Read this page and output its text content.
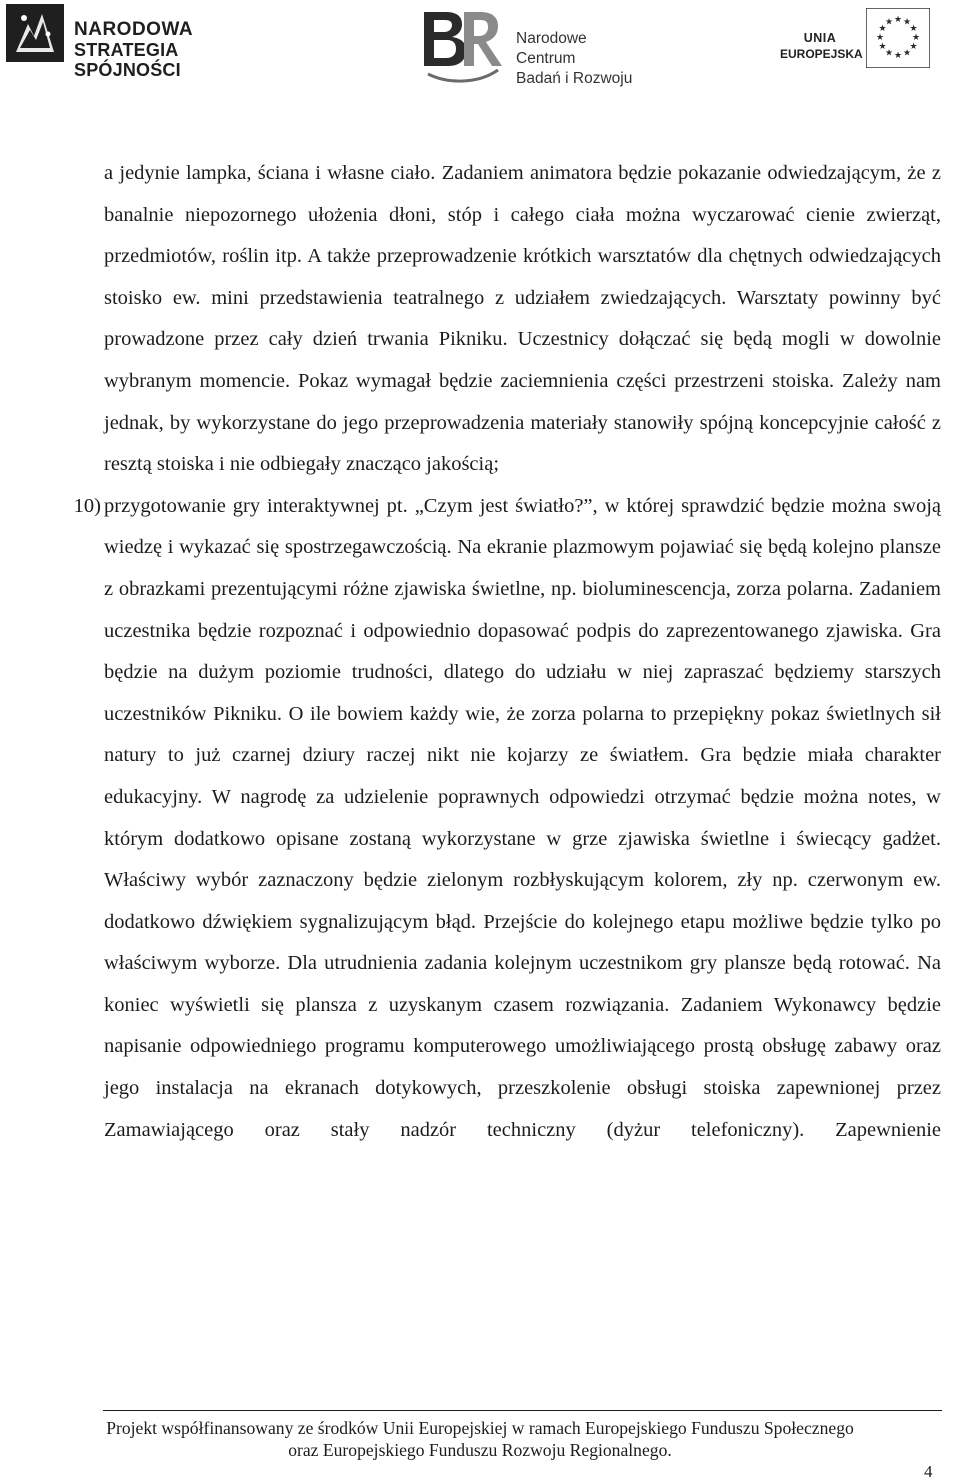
NARODOWA
STRATEGIA SPÓJNOŚCI
Narodowe Centrum
Badań i Rozwoju
UNIA
EUROPEJSKA
★ ★
★
★
★
★
★
★
★
★
★
★

a jedynie lampka, ściana i własne ciało. Zadaniem animatora będzie pokazanie odwiedzającym, że z banalnie niepozornego ułożenia dłoni, stóp i całego ciała można wyczarować cienie zwierząt, przedmiotów, roślin itp. A także przeprowadzenie krótkich warsztatów dla chętnych odwiedzających stoisko ew. mini przedstawienia teatralnego z udziałem zwiedzających. Warsztaty powinny być prowadzone przez cały dzień trwania Pikniku. Uczestnicy dołączać się będą mogli w dowolnie wybranym momencie. Pokaz wymagał będzie zaciemnienia części przestrzeni stoiska. Zależy nam jednak, by wykorzystane do jego przeprowadzenia materiały stanowiły spójną koncepcyjnie całość z resztą stoiska i nie odbiegały znacząco jakością;

10) przygotowanie gry interaktywnej pt. „Czym jest światło?”, w której sprawdzić będzie można swoją wiedzę i wykazać się spostrzegawczością. Na ekranie plazmowym pojawiać się będą kolejno plansze z obrazkami prezentującymi różne zjawiska świetlne, np. bioluminescencja, zorza polarna. Zadaniem uczestnika będzie rozpoznać i odpowiednio dopasować podpis do zaprezentowanego zjawiska. Gra będzie na dużym poziomie trudności, dlatego do udziału w niej zapraszać będziemy starszych uczestników Pikniku. O ile bowiem każdy wie, że zorza polarna to przepiękny pokaz świetlnych sił natury to już czarnej dziury raczej nikt nie kojarzy ze światłem. Gra będzie miała charakter edukacyjny. W nagrodę za udzielenie poprawnych odpowiedzi otrzymać będzie można notes, w którym dodatkowo opisane zostaną wykorzystane w grze zjawiska świetlne i świecący gadżet. Właściwy wybór zaznaczony będzie zielonym rozbłyskującym kolorem, zły np. czerwonym ew. dodatkowo dźwiękiem sygnalizującym błąd. Przejście do kolejnego etapu możliwe będzie tylko po właściwym wyborze. Dla utrudnienia zadania kolejnym uczestnikom gry plansze będą rotować. Na koniec wyświetli się plansza z uzyskanym czasem rozwiązania. Zadaniem Wykonawcy będzie napisanie odpowiedniego programu komputerowego umożliwiającego prostą obsługę zabawy oraz jego instalacja na ekranach dotykowych, przeszkolenie obsługi stoiska zapewnionej przez Zamawiającego oraz stały nadzór techniczny (dyżur telefoniczny). Zapewnienie

Projekt współfinansowany ze środków Unii Europejskiej w ramach Europejskiego Funduszu Społecznego
oraz Europejskiego Funduszu Rozwoju Regionalnego.
4
